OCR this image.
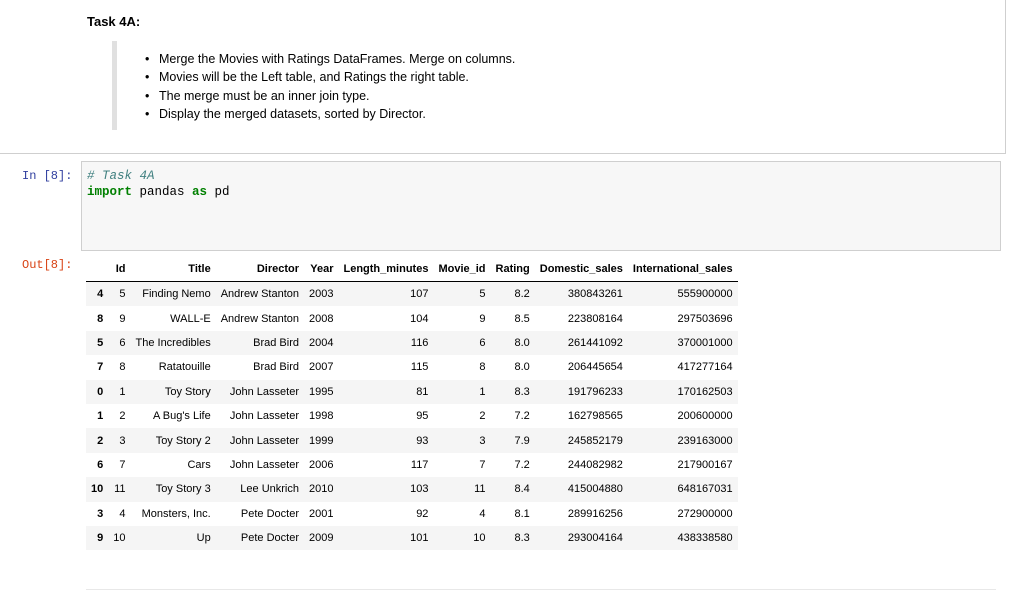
Task 4A:
• Merge the Movies with Ratings DataFrames. Merge on columns.
• Movies will be the Left table, and Ratings the right table.
• The merge must be an inner join type.
• Display the merged datasets, sorted by Director.
In [8]: # Task 4A
import pandas as pd
Out[8]:
		Id	Title	Director	Year	Length_minutes	Movie_id	Rating	Domestic_sales	International_sales
4	5	Finding Nemo	Andrew Stanton	2003	107	5	8.2	380843261	555900000
8	9	WALL-E	Andrew Stanton	2008	104	9	8.5	223808164	297503696
5	6	The Incredibles	Brad Bird	2004	116	6	8.0	261441092	370001000
7	8	Ratatouille	Brad Bird	2007	115	8	8.0	206445654	417277164
0	1	Toy Story	John Lasseter	1995	81	1	8.3	191796233	170162503
1	2	A Bug's Life	John Lasseter	1998	95	2	7.2	162798565	200600000
2	3	Toy Story 2	John Lasseter	1999	93	3	7.9	245852179	239163000
6	7	Cars	John Lasseter	2006	117	7	7.2	244082982	217900167
10	11	Toy Story 3	Lee Unkrich	2010	103	11	8.4	415004880	648167031
3	4	Monsters, Inc.	Pete Docter	2001	92	4	8.1	289916256	272900000
9	10	Up	Pete Docter	2009	101	10	8.3	293004164	438338580
